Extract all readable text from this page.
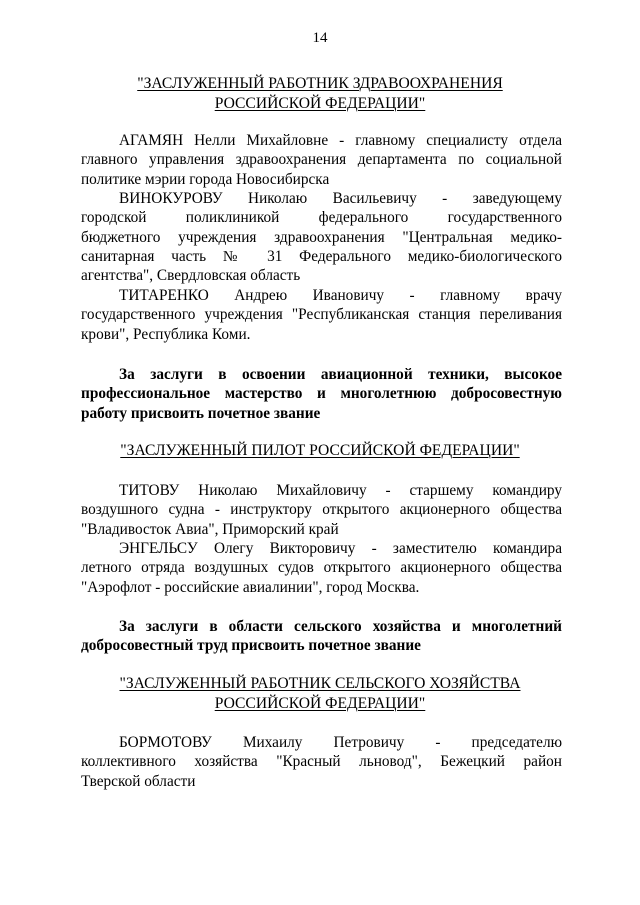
14
"ЗАСЛУЖЕННЫЙ РАБОТНИК ЗДРАВООХРАНЕНИЯ
РОССИЙСКОЙ ФЕДЕРАЦИИ"
АГАМЯН Нелли Михайловне - главному специалисту отдела
главного управления здравоохранения департамента по социальной
политике мэрии города Новосибирска
ВИНОКУРОВУ Николаю Васильевичу - заведующему
городской поликлиникой федерального государственного
бюджетного учреждения здравоохранения "Центральная медико-
санитарная часть № 31 Федерального медико-биологического
агентства", Свердловская область
ТИТАРЕНКО Андрею Ивановичу - главному врачу
государственного учреждения "Республиканская станция переливания
крови", Республика Коми.
За заслуги в освоении авиационной техники, высокое
профессиональное мастерство и многолетнюю добросовестную
работу присвоить почетное звание
"ЗАСЛУЖЕННЫЙ ПИЛОТ РОССИЙСКОЙ ФЕДЕРАЦИИ"
ТИТОВУ Николаю Михайловичу - старшему командиру
воздушного судна - инструктору открытого акционерного общества
"Владивосток Авиа", Приморский край
ЭНГЕЛЬСУ Олегу Викторовичу - заместителю командира
летного отряда воздушных судов открытого акционерного общества
"Аэрофлот - российские авиалинии", город Москва.
За заслуги в области сельского хозяйства и многолетний
добросовестный труд присвоить почетное звание
"ЗАСЛУЖЕННЫЙ РАБОТНИК СЕЛЬСКОГО ХОЗЯЙСТВА
РОССИЙСКОЙ ФЕДЕРАЦИИ"
БОРМОТОВУ Михаилу Петровичу - председателю
коллективного хозяйства "Красный льновод", Бежецкий район
Тверской области
